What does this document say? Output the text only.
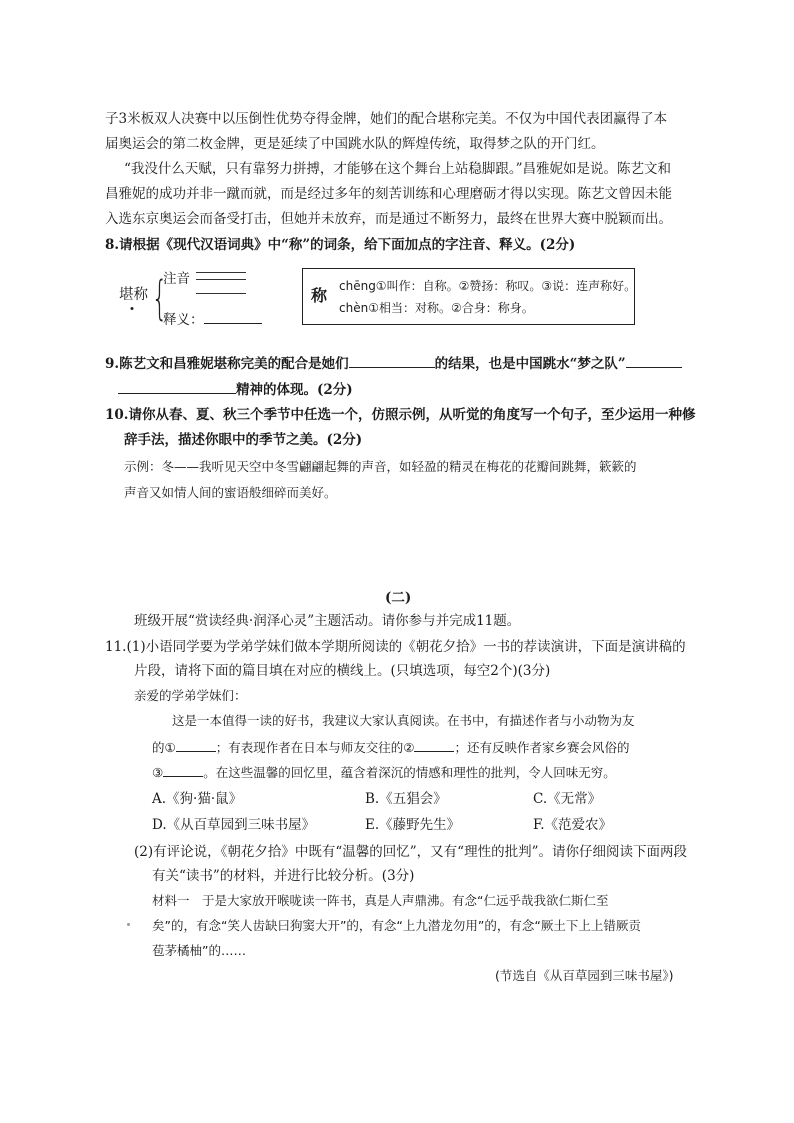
子3米板双人决赛中以压倒性优势夺得金牌，她们的配合堪称完美。不仅为中国代表团赢得了本
届奥运会的第二枚金牌，更是延续了中国跳水队的辉煌传统，取得梦之队的开门红。
“我没什么天赋，只有靠努力拼搏，才能够在这个舞台上站稳脚跟。”昌雅妮如是说。陈艺文和
昌雅妮的成功并非一蹴而就，而是经过多年的刻苦训练和心理磨砺才得以实现。陈艺文曾因未能
入选东京奥运会而备受打击，但她并未放弃，而是通过不断努力，最终在世界大赛中脱颖而出。
8.请根据《现代汉语词典》中“称”的词条，给下面加点的字注音、释义。(2分)
堪称 {
注音
释义：
称 chēng①叫作：自称。②赞扬：称叹。③说：连声称好。
chèn①相当：对称。②合身：称身。
9.陈艺文和昌雅妮堪称完美的配合是她们	的结果，也是中国跳水“梦之队”
精神的体现。(2分)
10.请你从春、夏、秋三个季节中任选一个，仿照示例，从听觉的角度写一个句子，至少运用一种修
辞手法，描述你眼中的季节之美。(2分)
示例：冬——我听见天空中冬雪翩翩起舞的声音，如轻盈的精灵在梅花的花瓣间跳舞，簌簌的
声音又如情人间的蜜语般细碎而美好。
(二)
班级开展“赏读经典·润泽心灵”主题活动。请你参与并完成11题。
11.(1)小语同学要为学弟学妹们做本学期所阅读的《朝花夕拾》一书的荐读演讲，下面是演讲稿的
片段，请将下面的篇目填在对应的横线上。(只填选项，每空2个)(3分)
亲爱的学弟学妹们：
这是一本值得一读的好书，我建议大家认真阅读。在书中，有描述作者与小动物为友
的①	；有表现作者在日本与师友交往的②	；还有反映作者家乡赛会风俗的
③	。在这些温馨的回忆里，蕴含着深沉的情感和理性的批判，令人回味无穷。
A.《狗·猫·鼠》	B.《五猖会》	C.《无常》
D.《从百草园到三味书屋》	E.《藤野先生》	F.《范爱农》
(2)有评论说，《朝花夕拾》中既有“温馨的回忆”，又有“理性的批判”。请你仔细阅读下面两段
有关“读书”的材料，并进行比较分析。(3分)
材料一　于是大家放开喉咙读一阵书，真是人声鼎沸。有念“仁远乎哉我欲仁斯仁至
矣”的，有念“笑人齿缺曰狗窦大开”的，有念“上九潜龙勿用”的，有念“厥土下上上错厥贡
苞茅橘柚”的……
(节选自《从百草园到三味书屋》)
